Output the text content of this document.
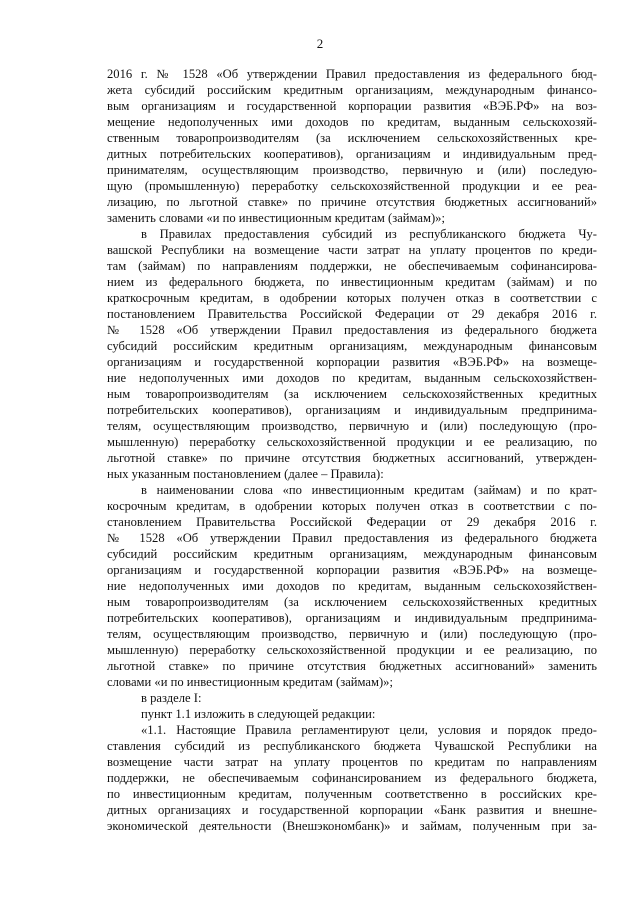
2
2016 г. № 1528 «Об утверждении Правил предоставления из федерального бюд-
жета субсидий российским кредитным организациям, международным финансо-
вым организациям и государственной корпорации развития «ВЭБ.РФ» на воз-
мещение недополученных ими доходов по кредитам, выданным сельскохозяй-
ственным товаропроизводителям (за исключением сельскохозяйственных кре-
дитных потребительских кооперативов), организациям и индивидуальным пред-
принимателям, осуществляющим производство, первичную и (или) последую-
щую (промышленную) переработку сельскохозяйственной продукции и ее реа-
лизацию, по льготной ставке» по причине отсутствия бюджетных ассигнований»
заменить словами «и по инвестиционным кредитам (займам)»;
в Правилах предоставления субсидий из республиканского бюджета Чу-
вашской Республики на возмещение части затрат на уплату процентов по креди-
там (займам) по направлениям поддержки, не обеспечиваемым софинансирова-
нием из федерального бюджета, по инвестиционным кредитам (займам) и по
краткосрочным кредитам, в одобрении которых получен отказ в соответствии с
постановлением Правительства Российской Федерации от 29 декабря 2016 г.
№ 1528 «Об утверждении Правил предоставления из федерального бюджета
субсидий российским кредитным организациям, международным финансовым
организациям и государственной корпорации развития «ВЭБ.РФ» на возмеще-
ние недополученных ими доходов по кредитам, выданным сельскохозяйствен-
ным товаропроизводителям (за исключением сельскохозяйственных кредитных
потребительских кооперативов), организациям и индивидуальным предпринима-
телям, осуществляющим производство, первичную и (или) последующую (про-
мышленную) переработку сельскохозяйственной продукции и ее реализацию, по
льготной ставке» по причине отсутствия бюджетных ассигнований, утвержден-
ных указанным постановлением (далее – Правила):
в наименовании слова «по инвестиционным кредитам (займам) и по крат-
косрочным кредитам, в одобрении которых получен отказ в соответствии с по-
становлением Правительства Российской Федерации от 29 декабря 2016 г.
№ 1528 «Об утверждении Правил предоставления из федерального бюджета
субсидий российским кредитным организациям, международным финансовым
организациям и государственной корпорации развития «ВЭБ.РФ» на возмеще-
ние недополученных ими доходов по кредитам, выданным сельскохозяйствен-
ным товаропроизводителям (за исключением сельскохозяйственных кредитных
потребительских кооперативов), организациям и индивидуальным предпринима-
телям, осуществляющим производство, первичную и (или) последующую (про-
мышленную) переработку сельскохозяйственной продукции и ее реализацию, по
льготной ставке» по причине отсутствия бюджетных ассигнований» заменить
словами «и по инвестиционным кредитам (займам)»;
в разделе I:
пункт 1.1 изложить в следующей редакции:
«1.1. Настоящие Правила регламентируют цели, условия и порядок предо-
ставления субсидий из республиканского бюджета Чувашской Республики на
возмещение части затрат на уплату процентов по кредитам по направлениям
поддержки, не обеспечиваемым софинансированием из федерального бюджета,
по инвестиционным кредитам, полученным соответственно в российских кре-
дитных организациях и государственной корпорации «Банк развития и внешне-
экономической деятельности (Внешэкономбанк)» и займам, полученным при за-
